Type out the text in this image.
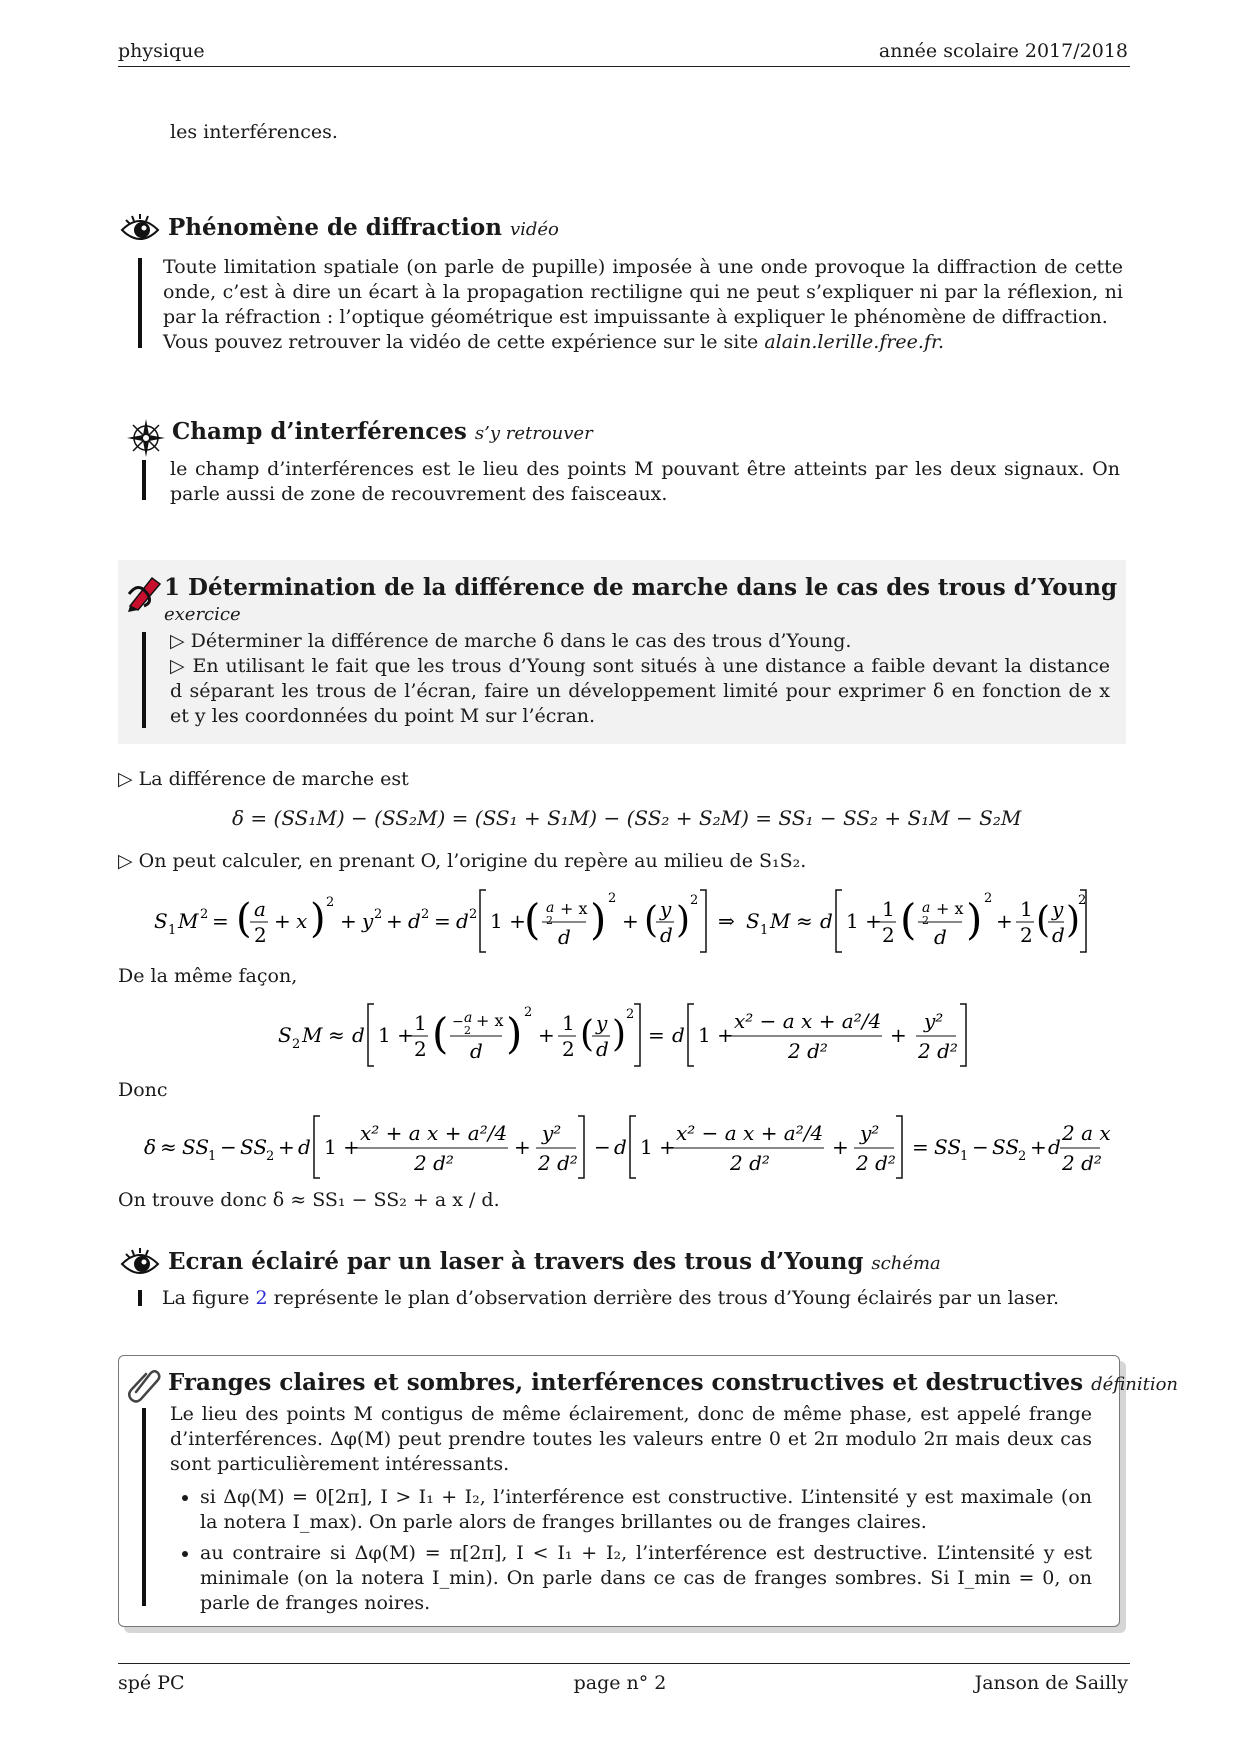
physique	année scolaire 2017/2018
les interférences.
Phénomène de diffraction vidéo
Toute limitation spatiale (on parle de pupille) imposée à une onde provoque la diffraction de cette onde, c’est à dire un écart à la propagation rectiligne qui ne peut s’expliquer ni par la réflexion, ni par la réfraction : l’optique géométrique est impuissante à expliquer le phénomène de diffraction.
Vous pouvez retrouver la vidéo de cette expérience sur le site alain.lerille.free.fr.
Champ d’interférences s’y retrouver
le champ d’interférences est le lieu des points M pouvant être atteints par les deux signaux. On parle aussi de zone de recouvrement des faisceaux.
1 Détermination de la différence de marche dans le cas des trous d’Young
exercice
▷ Déterminer la différence de marche δ dans le cas des trous d’Young.
▷ En utilisant le fait que les trous d’Young sont situés à une distance a faible devant la distance d séparant les trous de l’écran, faire un développement limité pour exprimer δ en fonction de x et y les coordonnées du point M sur l’écran.
▷ La différence de marche est
δ = (SS₁M) − (SS₂M) = (SS₁ + S₁M) − (SS₂ + S₂M) = SS₁ − SS₂ + S₁M − S₂M
▷ On peut calculer, en prenant O, l’origine du repère au milieu de S₁S₂.
S 1 M 2 = ( a
2
+ x ) 2
+ y 2 + d 2 = d 2 1 +
( a
2
+ x
d ) 2
+ ( y
d ) 2
⇒ S 1 M ≈ d 1 + 1
2 ( a
2
+ x
d ) 2
+ 1
2 ( y
d )
2
De la même façon,
S 2 M ≈ d 1 + 1
2 ( − a
2
+ x
d ) 2
+ 1
2 ( y
d ) 2
= d 1 +
x² − a x + a²/4
2 d²
+
y²
2 d²
Donc
δ ≈ SS
1 − SS
2 + d 1 +
x² + a x + a²/4
2 d²
+
y²
2 d²
− d 1 +
x² − a x + a²/4
2 d²
+
y²
2 d²
= SS
1 − SS
2 + d
2 a x
2 d²
On trouve donc δ ≈ SS₁ − SS₂ + a x / d.
Ecran éclairé par un laser à travers des trous d’Young schéma
La figure 2 représente le plan d’observation derrière des trous d’Young éclairés par un laser.
Franges claires et sombres, interférences constructives et destructives définition
Le lieu des points M contigus de même éclairement, donc de même phase, est appelé frange d’interférences. Δφ(M) peut prendre toutes les valeurs entre 0 et 2π modulo 2π mais deux cas sont particulièrement intéressants.
• si Δφ(M) = 0[2π], I > I₁ + I₂, l’interférence est constructive. L’intensité y est maximale (on la notera I_max). On parle alors de franges brillantes ou de franges claires.
• au contraire si Δφ(M) = π[2π], I < I₁ + I₂, l’interférence est destructive. L’intensité y est minimale (on la notera I_min). On parle dans ce cas de franges sombres. Si I_min = 0, on parle de franges noires.
spé PC	page n° 2	Janson de Sailly
